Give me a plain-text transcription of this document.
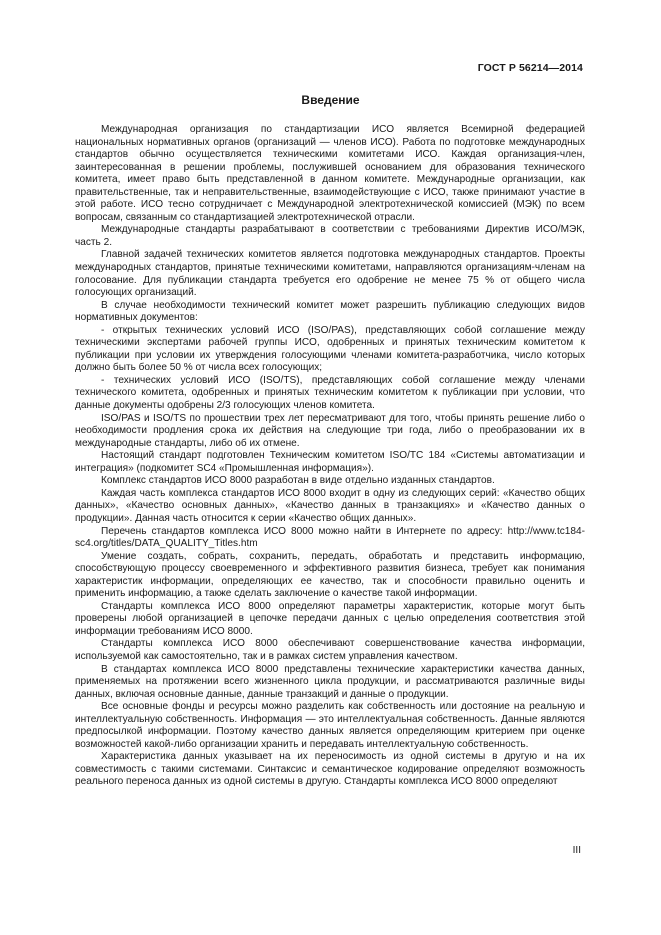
ГОСТ Р 56214—2014
Введение

Международная организация по стандартизации ИСО является Всемирной федерацией национальных нормативных органов (организаций — членов ИСО). Работа по подготовке международных стандартов обычно осуществляется техническими комитетами ИСО. Каждая организация-член, заинтересованная в решении проблемы, послужившей основанием для образования технического комитета, имеет право быть представленной в данном комитете. Международные организации, как правительственные, так и неправительственные, взаимодействующие с ИСО, также принимают участие в этой работе. ИСО тесно сотрудничает с Международной электротехнической комиссией (МЭК) по всем вопросам, связанным со стандартизацией электротехнической отрасли.

Международные стандарты разрабатывают в соответствии с требованиями Директив ИСО/МЭК, часть 2.

Главной задачей технических комитетов является подготовка международных стандартов. Проекты международных стандартов, принятые техническими комитетами, направляются организациям-членам на голосование. Для публикации стандарта требуется его одобрение не менее 75 % от общего числа голосующих организаций.

В случае необходимости технический комитет может разрешить публикацию следующих видов нормативных документов:

- открытых технических условий ИСО (ISO/PAS), представляющих собой соглашение между техническими экспертами рабочей группы ИСО, одобренных и принятых техническим комитетом к публикации при условии их утверждения голосующими членами комитета-разработчика, число которых должно быть более 50 % от числа всех голосующих;

- технических условий ИСО (ISO/TS), представляющих собой соглашение между членами технического комитета, одобренных и принятых техническим комитетом к публикации при условии, что данные документы одобрены 2/3 голосующих членов комитета.

ISO/PAS и ISO/TS по прошествии трех лет пересматривают для того, чтобы принять решение либо о необходимости продления срока их действия на следующие три года, либо о преобразовании их в международные стандарты, либо об их отмене.

Настоящий стандарт подготовлен Техническим комитетом ISO/TC 184 «Системы автоматизации и интеграция» (подкомитет SC4 «Промышленная информация»).

Комплекс стандартов ИСО 8000 разработан в виде отдельно изданных стандартов.

Каждая часть комплекса стандартов ИСО 8000 входит в одну из следующих серий: «Качество общих данных», «Качество основных данных», «Качество данных в транзакциях» и «Качество данных о продукции». Данная часть относится к серии «Качество общих данных».

Перечень стандартов комплекса ИСО 8000 можно найти в Интернете по адресу: http://www.tc184-sc4.org/titles/DATA_QUALITY_Titles.htm

Умение создать, собрать, сохранить, передать, обработать и представить информацию, способствующую процессу своевременного и эффективного развития бизнеса, требует как понимания характеристик информации, определяющих ее качество, так и способности правильно оценить и применить информацию, а также сделать заключение о качестве такой информации.

Стандарты комплекса ИСО 8000 определяют параметры характеристик, которые могут быть проверены любой организацией в цепочке передачи данных с целью определения соответствия этой информации требованиям ИСО 8000.

Стандарты комплекса ИСО 8000 обеспечивают совершенствование качества информации, используемой как самостоятельно, так и в рамках систем управления качеством.

В стандартах комплекса ИСО 8000 представлены технические характеристики качества данных, применяемых на протяжении всего жизненного цикла продукции, и рассматриваются различные виды данных, включая основные данные, данные транзакций и данные о продукции.

Все основные фонды и ресурсы можно разделить как собственность или достояние на реальную и интеллектуальную собственность. Информация — это интеллектуальная собственность. Данные являются предпосылкой информации. Поэтому качество данных является определяющим критерием при оценке возможностей какой-либо организации хранить и передавать интеллектуальную собственность.

Характеристика данных указывает на их переносимость из одной системы в другую и на их совместимость с такими системами. Синтаксис и семантическое кодирование определяют возможность реального переноса данных из одной системы в другую. Стандарты комплекса ИСО 8000 определяют

III
